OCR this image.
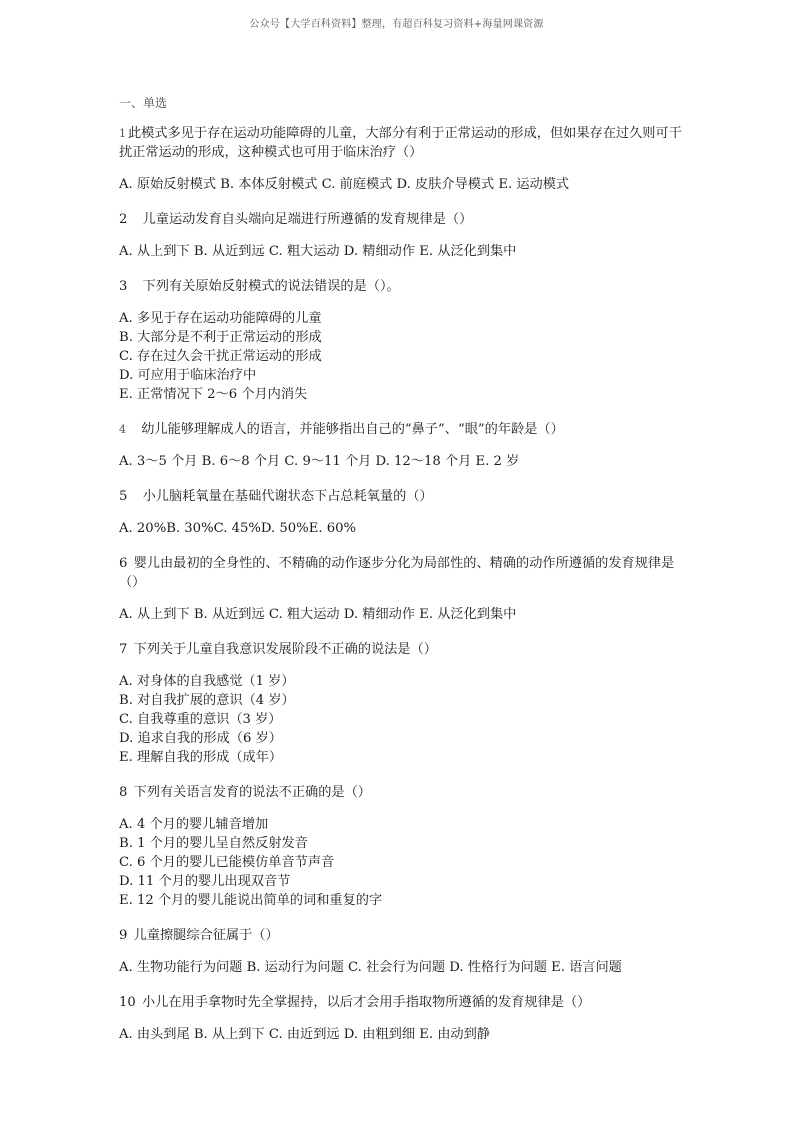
公众号【大学百科资料】整理，有超百科复习资料+海量网课资源
一、单选

1 此模式多见于存在运动功能障碍的儿童，大部分有利于正常运动的形成，但如果存在过久则可干扰正常运动的形成，这种模式也可用于临床治疗（）

A. 原始反射模式 B. 本体反射模式 C. 前庭模式 D. 皮肤介导模式 E. 运动模式

2  儿童运动发育自头端向足端进行所遵循的发育规律是（）

A. 从上到下 B. 从近到远 C. 粗大运动 D. 精细动作 E. 从泛化到集中

3  下列有关原始反射模式的说法错误的是（）。

A. 多见于存在运动功能障碍的儿童

B. 大部分是不利于正常运动的形成

C. 存在过久会干扰正常运动的形成

D. 可应用于临床治疗中

E. 正常情况下 2～6 个月内消失

4  幼儿能够理解成人的语言，并能够指出自己的“鼻子”、“眼”的年龄是（）

A. 3～5 个月 B. 6～8 个月 C. 9～11 个月 D. 12～18 个月 E. 2 岁

5  小儿脑耗氧量在基础代谢状态下占总耗氧量的（）

A. 20%B. 30%C. 45%D. 50%E. 60%

6 婴儿由最初的全身性的、不精确的动作逐步分化为局部性的、精确的动作所遵循的发育规律是（）

A. 从上到下 B. 从近到远 C. 粗大运动 D. 精细动作 E. 从泛化到集中

7 下列关于儿童自我意识发展阶段不正确的说法是（）

A. 对身体的自我感觉（1 岁）

B. 对自我扩展的意识（4 岁）

C. 自我尊重的意识（3 岁）

D. 追求自我的形成（6 岁）

E. 理解自我的形成（成年）

8 下列有关语言发育的说法不正确的是（）

A. 4 个月的婴儿辅音增加

B. 1 个月的婴儿呈自然反射发音

C. 6 个月的婴儿已能模仿单音节声音

D. 11 个月的婴儿出现双音节

E. 12 个月的婴儿能说出简单的词和重复的字

9 儿童擦腿综合征属于（）

A. 生物功能行为问题 B. 运动行为问题 C. 社会行为问题 D. 性格行为问题 E. 语言问题

10 小儿在用手拿物时先全掌握持，以后才会用手指取物所遵循的发育规律是（）

A. 由头到尾 B. 从上到下 C. 由近到远 D. 由粗到细 E. 由动到静
